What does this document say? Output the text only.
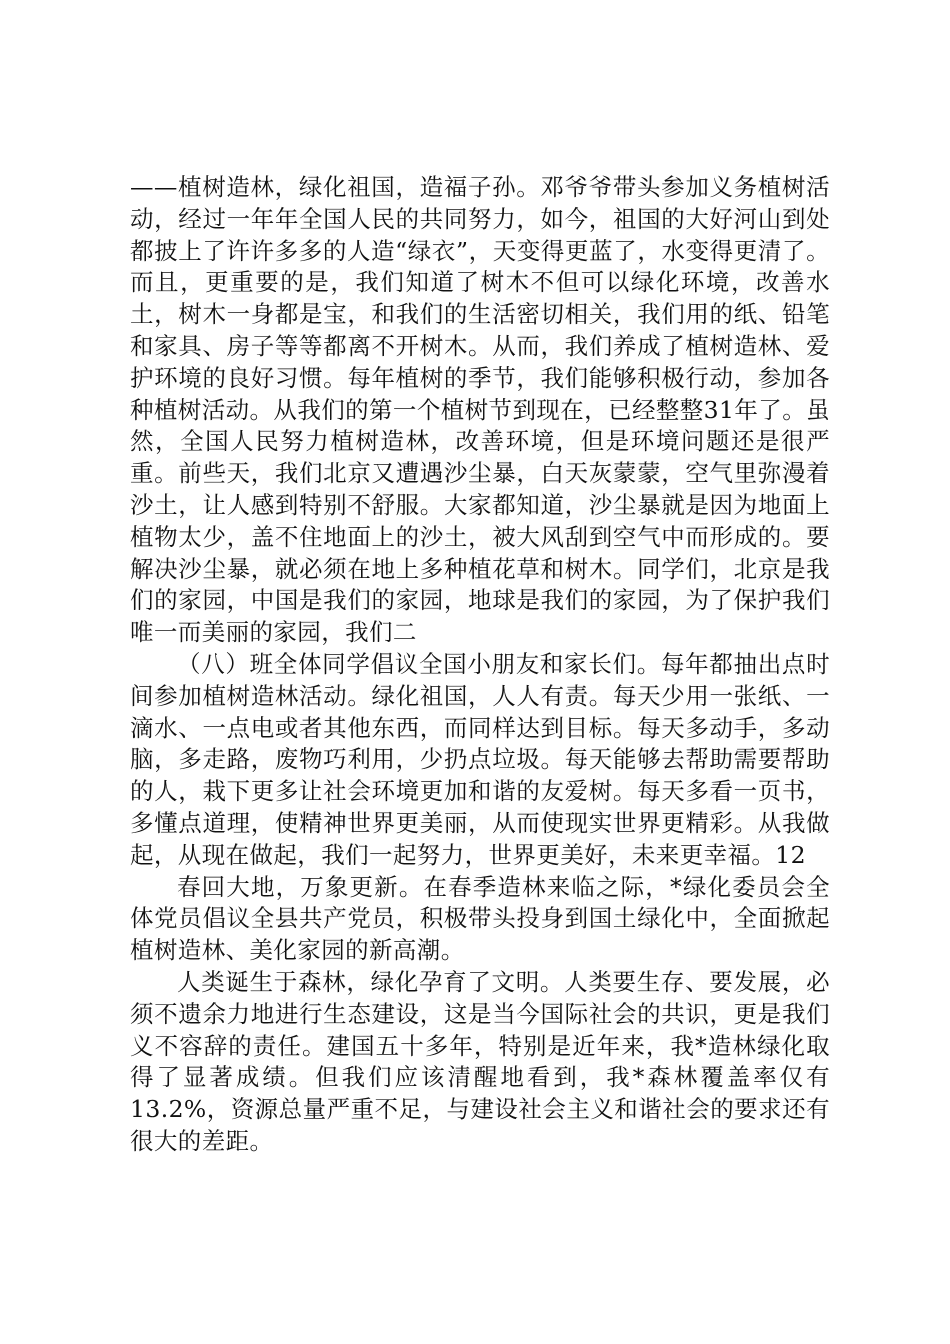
——植树造林，绿化祖国，造福子孙。邓爷爷带头参加义务植树活动，经过一年年全国人民的共同努力，如今，祖国的大好河山到处都披上了许许多多的人造“绿衣”，天变得更蓝了，水变得更清了。而且，更重要的是，我们知道了树木不但可以绿化环境，改善水土，树木一身都是宝，和我们的生活密切相关，我们用的纸、铅笔和家具、房子等等都离不开树木。从而，我们养成了植树造林、爱护环境的良好习惯。每年植树的季节，我们能够积极行动，参加各种植树活动。从我们的第一个植树节到现在，已经整整31年了。虽然，全国人民努力植树造林，改善环境，但是环境问题还是很严重。前些天，我们北京又遭遇沙尘暴，白天灰蒙蒙，空气里弥漫着沙土，让人感到特别不舒服。大家都知道，沙尘暴就是因为地面上植物太少，盖不住地面上的沙土，被大风刮到空气中而形成的。要解决沙尘暴，就必须在地上多种植花草和树木。同学们，北京是我们的家园，中国是我们的家园，地球是我们的家园，为了保护我们唯一而美丽的家园，我们二

（八）班全体同学倡议全国小朋友和家长们。每年都抽出点时间参加植树造林活动。绿化祖国，人人有责。每天少用一张纸、一滴水、一点电或者其他东西，而同样达到目标。每天多动手，多动脑，多走路，废物巧利用，少扔点垃圾。每天能够去帮助需要帮助的人，栽下更多让社会环境更加和谐的友爱树。每天多看一页书，多懂点道理，使精神世界更美丽，从而使现实世界更精彩。从我做起，从现在做起，我们一起努力，世界更美好，未来更幸福。12

春回大地，万象更新。在春季造林来临之际，*绿化委员会全体党员倡议全县共产党员，积极带头投身到国土绿化中，全面掀起植树造林、美化家园的新高潮。

人类诞生于森林，绿化孕育了文明。人类要生存、要发展，必须不遗余力地进行生态建设，这是当今国际社会的共识，更是我们义不容辞的责任。建国五十多年，特别是近年来，我*造林绿化取得了显著成绩。但我们应该清醒地看到，我*森林覆盖率仅有13.2%，资源总量严重不足，与建设社会主义和谐社会的要求还有很大的差距。
